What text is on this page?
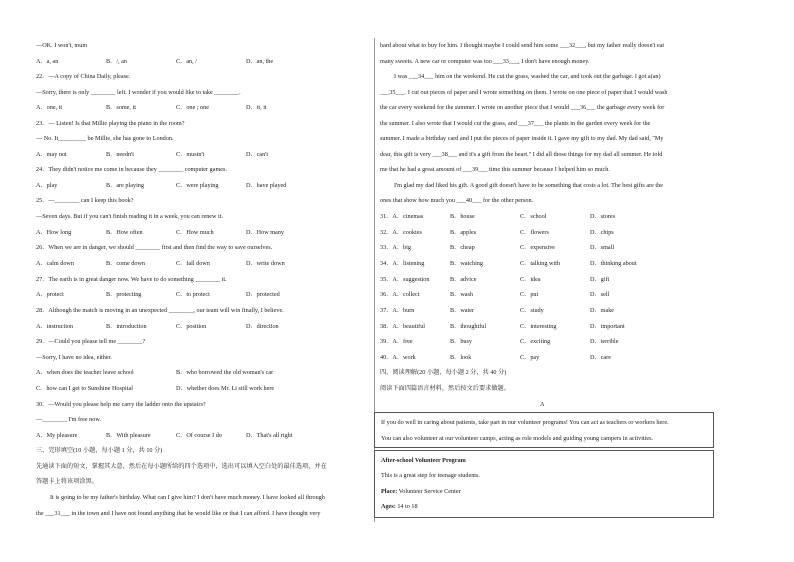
—OK. I won't, mum
A．a, an	B．/, an	C．an, /	D．an, the
22．—A copy of China Daily, please.
—Sorry, there is only ________ left. I wonder if you would like to take ________.
A．one, it	B．some, it	C．one ; one	D．it, it
23．— Listen! Is that Millie playing the piano in the room?
— No. It_________ be Millie, she has gone to London.
A．may not	B．needn't	C．mustn't	D．can't
24．They didn't notice me come in because they ________ computer games.
A．play	B．are playing	C．were playing	D．have played
25．—________ can I keep this book?
—Seven days. But if you can't finish reading it in a week, you can renew it.
A．How long	B．How often	C．How much	D．How many
26．When we are in danger, we should ________ first and then find the way to save ourselves.
A．calm down	B．come down	C．fall down	D．write down
27．The earth is in great danger now. We have to do something ________ it.
A．protect	B．protecting	C．to protect	D．protected
28．Although the match is moving in an unexpected ________, our team will win finally, I believe.
A．instruction	B．introduction	C．position	D．direction
29．—Could you please tell me ________?
—Sorry, I have no idea, either.
A．when does the teacher leave school	B．who borrowed the old woman's car
C．how can I get to Sunshine Hospital	D．whether does Mr. Li still work here
30．—Would you please help me carry the ladder onto the upstairs?
—________ I'm free now.
A．My pleasure	B．With pleasure	C．Of course I do	D．That's all right
三、完形填空(10 小题，每小题 1 分，共 10 分)
先通读下面的短文，掌握其大意，然后在每小题所给的四个选项中，选出可以填入空白处的最佳选项，并在
答题卡上将该项涂黑。
It is going to be my father's birthday. What can I give him? I don't have much money. I have looked all through
the ___31___ in the town and I have not found anything that he would like or that I can afford. I have thought very
hard about what to buy for him. I thought maybe I could send him some ___32___, but my father really doesn't eat
many sweets. A new car or computer was too ___33___, I don't have enough money.
I was ___34___ him on the weekend. He cut the grass, washed the car, and took out the garbage. I got a(an)
___35___. I cut out pieces of paper and I wrote something on them. I wrote on one piece of paper that I would wash
the car every weekend for the summer. I wrote on another piece that I would ___36___ the garbage every week for
the summer. I also wrote that I would cut the grass, and ___37___ the plants in the garden every week for the
summer. I made a birthday card and I put the pieces of paper inside it. I gave my gift to my dad. My dad said, "My
dear, this gift is very ___38___ and it's a gift from the heart." I did all those things for my dad all summer. He told
me that he had a great amount of ___39___ time this summer because I helped him so much.
I'm glad my dad liked his gift. A good gift doesn't have to be something that costs a lot. The best gifts are the
ones that show how much you ___40___ for the other person.
31．A．cinemas	B．house	C．school	D．stores
32．A．cookies	B．apples	C．flowers	D．chips
33．A．big	B．cheap	C．expensive	D．small
34．A．listening	B．watching	C．talking with	D．thinking about
35．A．suggestion	B．advice	C．idea	D．gift
36．A．collect	B．wash	C．put	D．sell
37．A．burn	B．water	C．study	D．make
38．A．beautiful	B．thoughtful	C．interesting	D．important
39．A．free	B．busy	C．exciting	D．terrible
40．A．work	B．look	C．pay	D．care
四、阅读理解(20 小题，每小题 2 分，共 40 分)
阅读下面四篇语言材料，然后按文后要求做题。
A
If you do well in caring about patients, take part in our volunteer programs! You can act as teachers or workers here.
You can also volunteer at our volunteer camps, acting as role models and guiding young campers in activities.
After-school Volunteer Program
This is a great step for teenage students.
Place: Volunteer Service Center
Ages: 14 to 18
